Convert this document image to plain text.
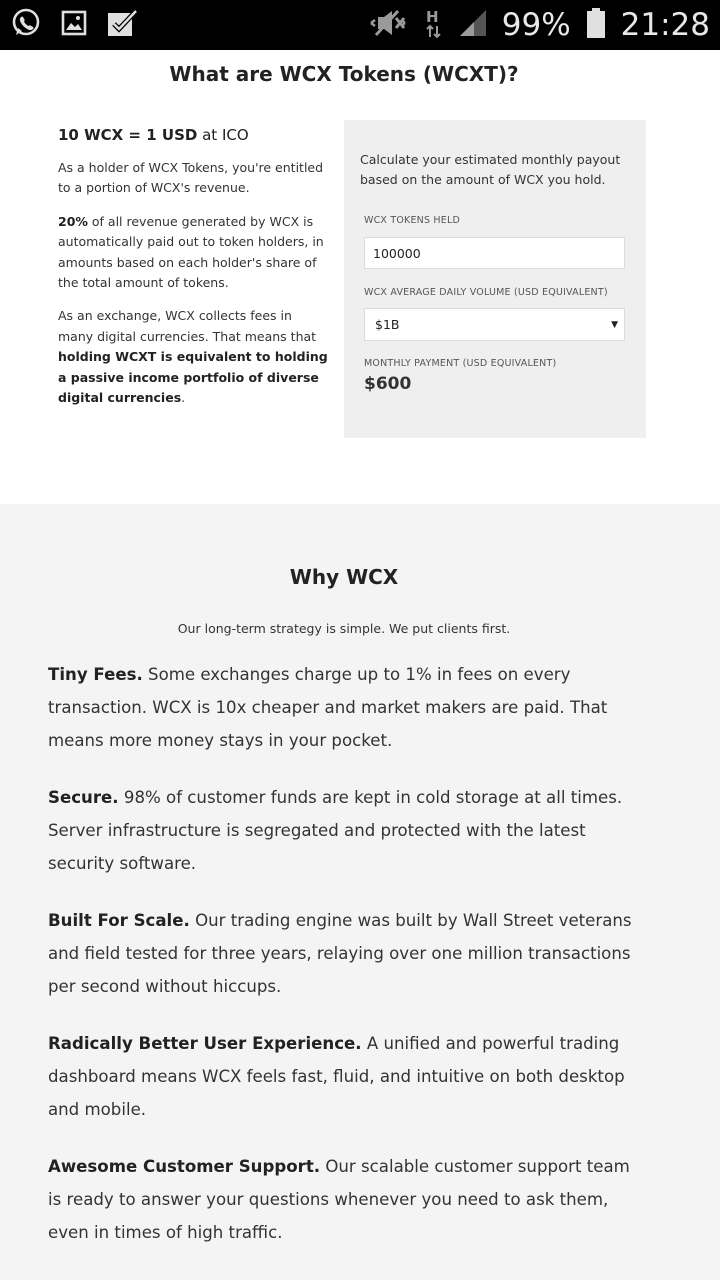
H 99% 21:28
What are WCX Tokens (WCXT)?
10 WCX = 1 USD at ICO

As a holder of WCX Tokens, you're entitled to a portion of WCX's revenue.

20% of all revenue generated by WCX is automatically paid out to token holders, in amounts based on each holder's share of the total amount of tokens.

As an exchange, WCX collects fees in many digital currencies. That means that holding WCXT is equivalent to holding a passive income portfolio of diverse digital currencies.

Calculate your estimated monthly payout based on the amount of WCX you hold.
WCX TOKENS HELD
100000
WCX AVERAGE DAILY VOLUME (USD EQUIVALENT)
$1B	▼
MONTHLY PAYMENT (USD EQUIVALENT)
$600
Why WCX
Our long-term strategy is simple. We put clients first.

Tiny Fees. Some exchanges charge up to 1% in fees on every transaction. WCX is 10x cheaper and market makers are paid. That means more money stays in your pocket.

Secure. 98% of customer funds are kept in cold storage at all times. Server infrastructure is segregated and protected with the latest security software.

Built For Scale. Our trading engine was built by Wall Street veterans and field tested for three years, relaying over one million transactions per second without hiccups.

Radically Better User Experience. A unified and powerful trading dashboard means WCX feels fast, fluid, and intuitive on both desktop and mobile.

Awesome Customer Support. Our scalable customer support team is ready to answer your questions whenever you need to ask them, even in times of high traffic.
